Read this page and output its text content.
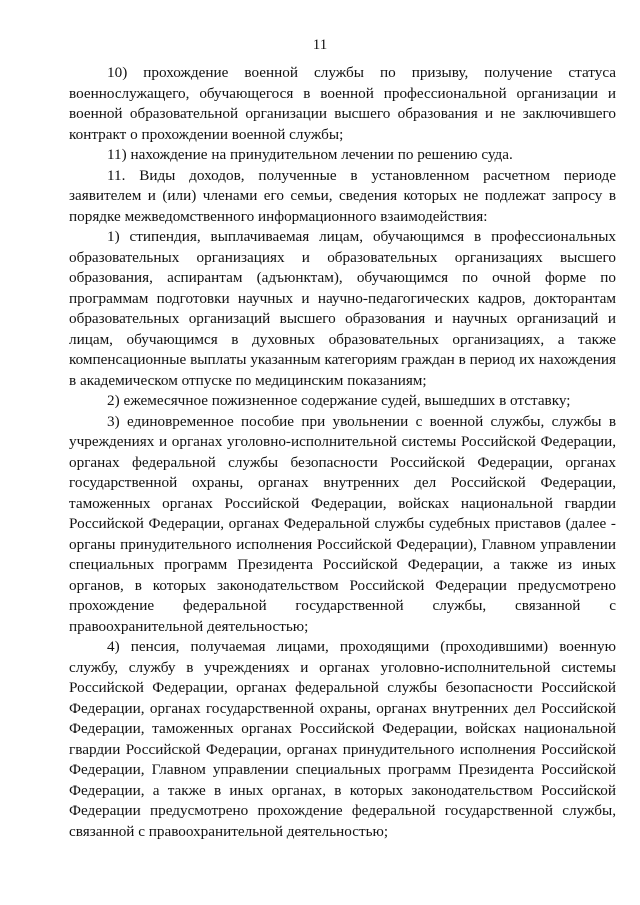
11

10) прохождение военной службы по призыву, получение статуса военнослужащего, обучающегося в военной профессиональной организации и военной образовательной организации высшего образования и не заключившего контракт о прохождении военной службы;

11) нахождение на принудительном лечении по решению суда.

11. Виды доходов, полученные в установленном расчетном периоде заявителем и (или) членами его семьи, сведения которых не подлежат запросу в порядке межведомственного информационного взаимодействия:

1) стипендия, выплачиваемая лицам, обучающимся в профессиональных образовательных организациях и образовательных организациях высшего образования, аспирантам (адъюнктам), обучающимся по очной форме по программам подготовки научных и научно-педагогических кадров, докторантам образовательных организаций высшего образования и научных организаций и лицам, обучающимся в духовных образовательных организациях, а также компенсационные выплаты указанным категориям граждан в период их нахождения в академическом отпуске по медицинским показаниям;

2) ежемесячное пожизненное содержание судей, вышедших в отставку;

3) единовременное пособие при увольнении с военной службы, службы в учреждениях и органах уголовно-исполнительной системы Российской Федерации, органах федеральной службы безопасности Российской Федерации, органах государственной охраны, органах внутренних дел Российской Федерации, таможенных органах Российской Федерации, войсках национальной гвардии Российской Федерации, органах Федеральной службы судебных приставов (далее - органы принудительного исполнения Российской Федерации), Главном управлении специальных программ Президента Российской Федерации, а также из иных органов, в которых законодательством Российской Федерации предусмотрено прохождение федеральной государственной службы, связанной с правоохранительной деятельностью;

4) пенсия, получаемая лицами, проходящими (проходившими) военную службу, службу в учреждениях и органах уголовно-исполнительной системы Российской Федерации, органах федеральной службы безопасности Российской Федерации, органах государственной охраны, органах внутренних дел Российской Федерации, таможенных органах Российской Федерации, войсках национальной гвардии Российской Федерации, органах принудительного исполнения Российской Федерации, Главном управлении специальных программ Президента Российской Федерации, а также в иных органах, в которых законодательством Российской Федерации предусмотрено прохождение федеральной государственной службы, связанной с правоохранительной деятельностью;
